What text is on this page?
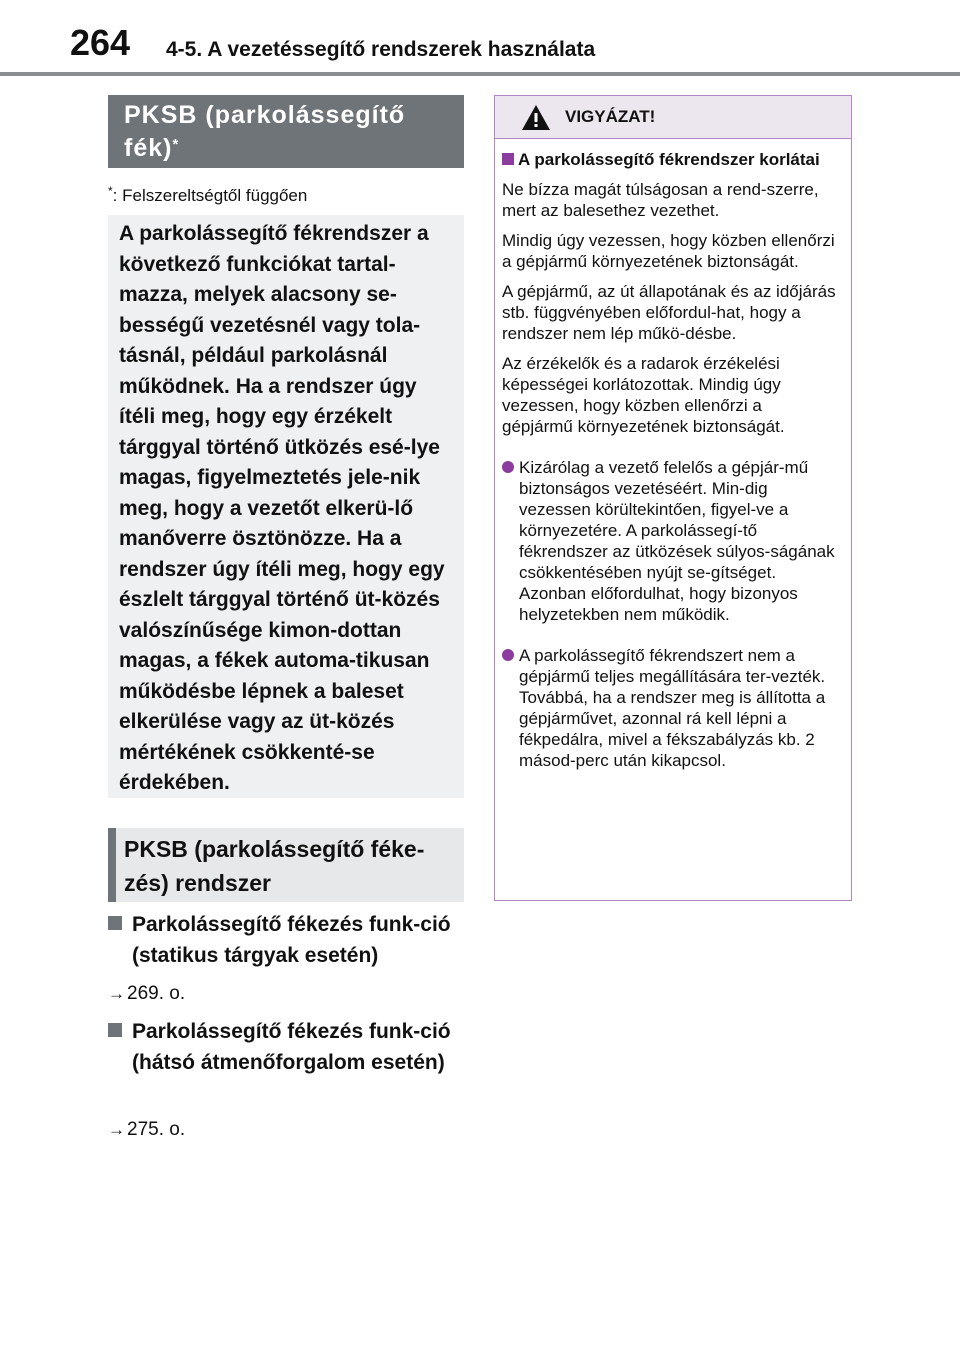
264 4-5. A vezetéssegítő rendszerek használata
PKSB (parkolássegítő fék)*
*: Felszereltségtől függően
A parkolássegítő fékrendszer a következő funkciókat tartal-mazza, melyek alacsony se-bességű vezetésnél vagy tola-tásnál, például parkolásnál működnek. Ha a rendszer úgy ítéli meg, hogy egy érzékelt tárggyal történő ütközés esé-lye magas, figyelmeztetés jele-nik meg, hogy a vezetőt elkerü-lő manőverre ösztönözze. Ha a rendszer úgy ítéli meg, hogy egy észlelt tárggyal történő üt-közés valószínűsége kimon-dottan magas, a fékek automa-tikusan működésbe lépnek a baleset elkerülése vagy az üt-közés mértékének csökkenté-se érdekében.
PKSB (parkolássegítő féke-zés) rendszer
Parkolássegítő fékezés funk-ció (statikus tárgyak esetén)
→ 269. o.
Parkolássegítő fékezés funk-ció (hátsó átmenőforgalom esetén)
→ 275. o.
VIGYÁZAT!
A parkolássegítő fékrendszer korlátai
Ne bízza magát túlságosan a rend-szerre, mert az balesethez vezethet.
Mindig úgy vezessen, hogy közben ellenőrzi a gépjármű környezetének biztonságát.
A gépjármű, az út állapotának és az időjárás stb. függvényében előfordul-hat, hogy a rendszer nem lép műkö-désbe.
Az érzékelők és a radarok érzékelési képességei korlátozottak. Mindig úgy vezessen, hogy közben ellenőrzi a gépjármű környezetének biztonságát.
Kizárólag a vezető felelős a gépjár-mű biztonságos vezetéséért. Min-dig vezessen körültekintően, figyel-ve a környezetére. A parkolássegí-tő fékrendszer az ütközések súlyos-ságának csökkentésében nyújt se-gítséget. Azonban előfordulhat, hogy bizonyos helyzetekben nem működik.
A parkolássegítő fékrendszert nem a gépjármű teljes megállítására ter-vezték. Továbbá, ha a rendszer meg is állította a gépjárművet, azonnal rá kell lépni a fékpedálra, mivel a fékszabályzás kb. 2 másod-perc után kikapcsol.
